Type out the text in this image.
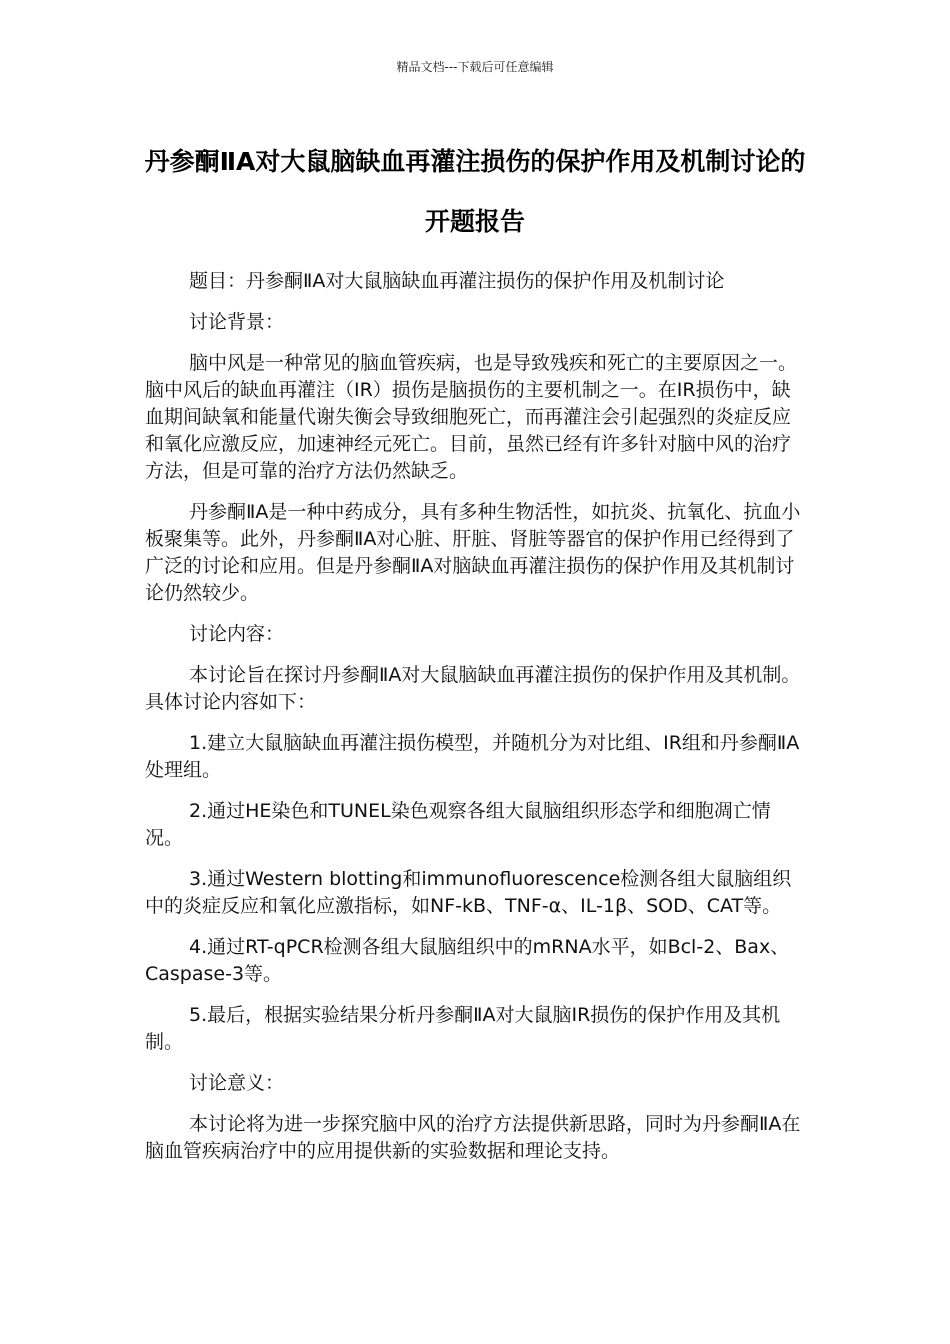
精品文档---下载后可任意编辑
丹参酮ⅡA对大鼠脑缺血再灌注损伤的保护作用及机制讨论的开题报告

题目：丹参酮ⅡA对大鼠脑缺血再灌注损伤的保护作用及机制讨论

讨论背景：

脑中风是一种常见的脑血管疾病，也是导致残疾和死亡的主要原因之一。脑中风后的缺血再灌注（IR）损伤是脑损伤的主要机制之一。在IR损伤中，缺血期间缺氧和能量代谢失衡会导致细胞死亡，而再灌注会引起强烈的炎症反应和氧化应激反应，加速神经元死亡。目前，虽然已经有许多针对脑中风的治疗方法，但是可靠的治疗方法仍然缺乏。

丹参酮ⅡA是一种中药成分，具有多种生物活性，如抗炎、抗氧化、抗血小板聚集等。此外，丹参酮ⅡA对心脏、肝脏、肾脏等器官的保护作用已经得到了广泛的讨论和应用。但是丹参酮ⅡA对脑缺血再灌注损伤的保护作用及其机制讨论仍然较少。

讨论内容：

本讨论旨在探讨丹参酮ⅡA对大鼠脑缺血再灌注损伤的保护作用及其机制。具体讨论内容如下：

1.建立大鼠脑缺血再灌注损伤模型，并随机分为对比组、IR组和丹参酮ⅡA处理组。

2.通过HE染色和TUNEL染色观察各组大鼠脑组织形态学和细胞凋亡情况。

3.通过Western blotting和immunofluorescence检测各组大鼠脑组织中的炎症反应和氧化应激指标，如NF-kB、TNF-α、IL-1β、SOD、CAT等。

4.通过RT-qPCR检测各组大鼠脑组织中的mRNA水平，如Bcl-2、Bax、Caspase-3等。

5.最后，根据实验结果分析丹参酮ⅡA对大鼠脑IR损伤的保护作用及其机制。

讨论意义：

本讨论将为进一步探究脑中风的治疗方法提供新思路，同时为丹参酮ⅡA在脑血管疾病治疗中的应用提供新的实验数据和理论支持。
